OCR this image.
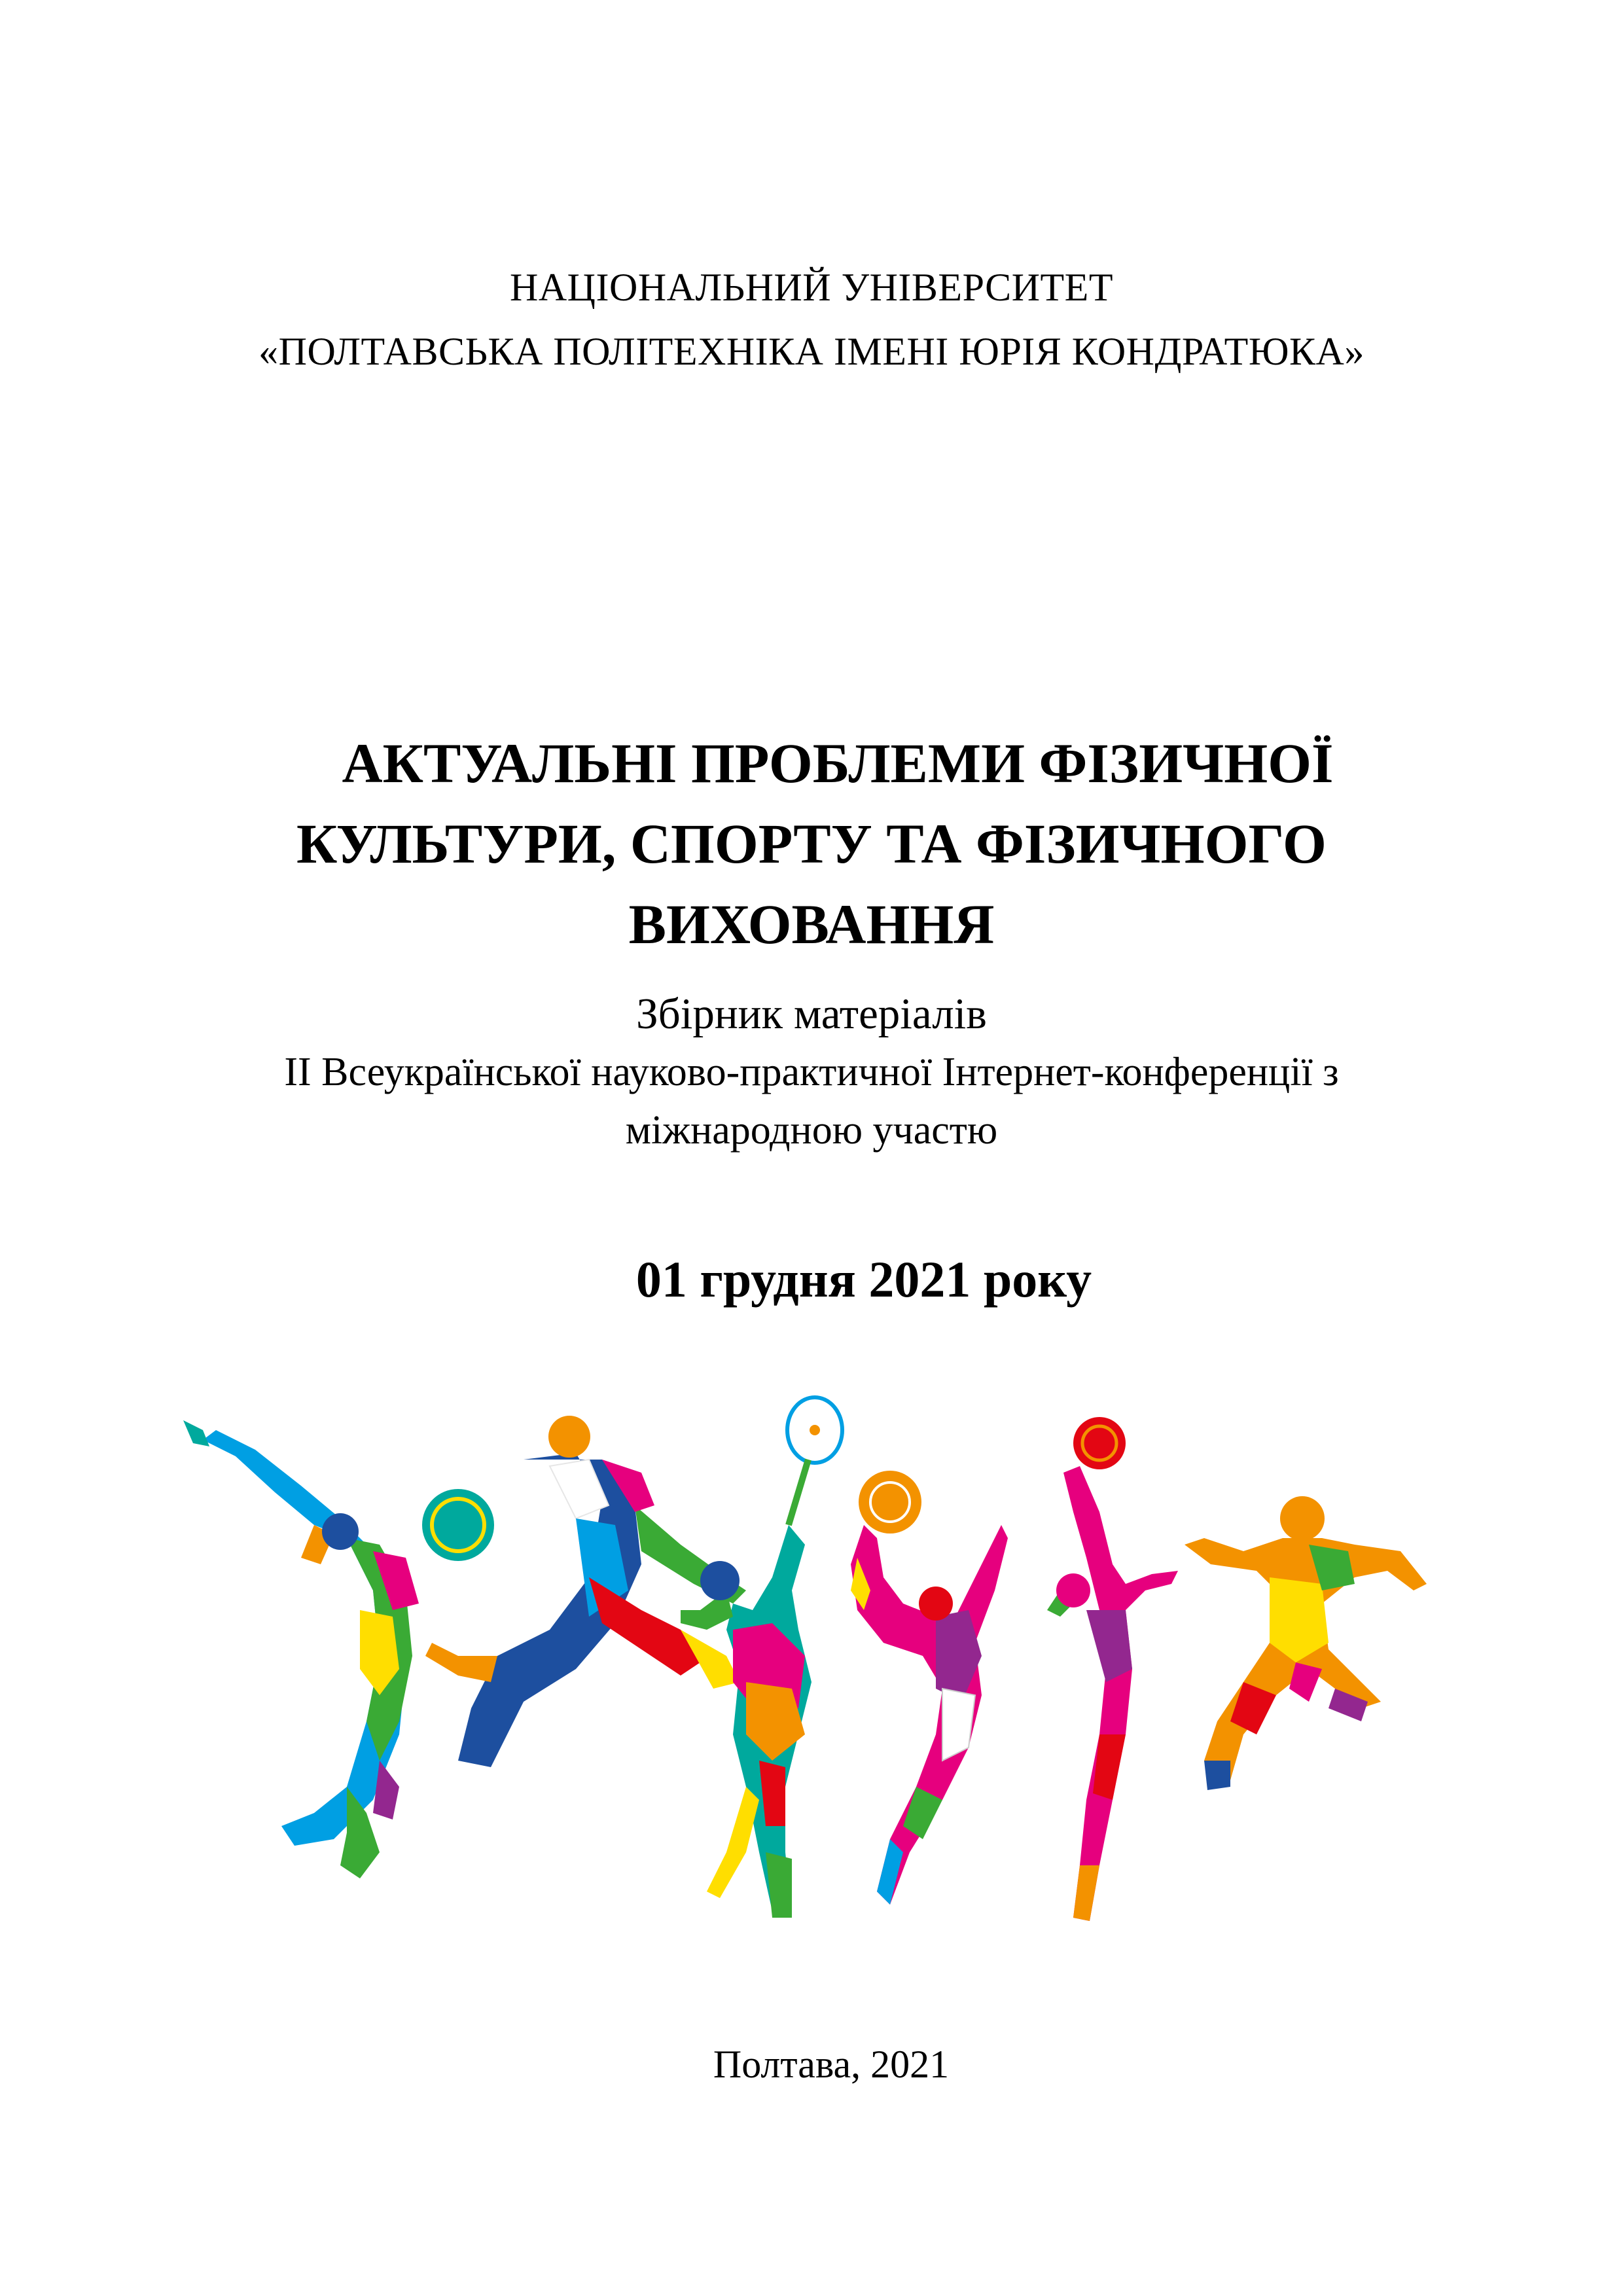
НАЦІОНАЛЬНИЙ УНІВЕРСИТЕТ
«ПОЛТАВСЬКА ПОЛІТЕХНІКА ІМЕНІ ЮРІЯ КОНДРАТЮКА»
АКТУАЛЬНІ ПРОБЛЕМИ ФІЗИЧНОЇ
КУЛЬТУРИ, СПОРТУ ТА ФІЗИЧНОГО
ВИХОВАННЯ
Збірник матеріалів
ІІ Всеукраїнської науково-практичної Інтернет-конференції з
міжнародною участю
01 грудня 2021 року
Полтава, 2021
